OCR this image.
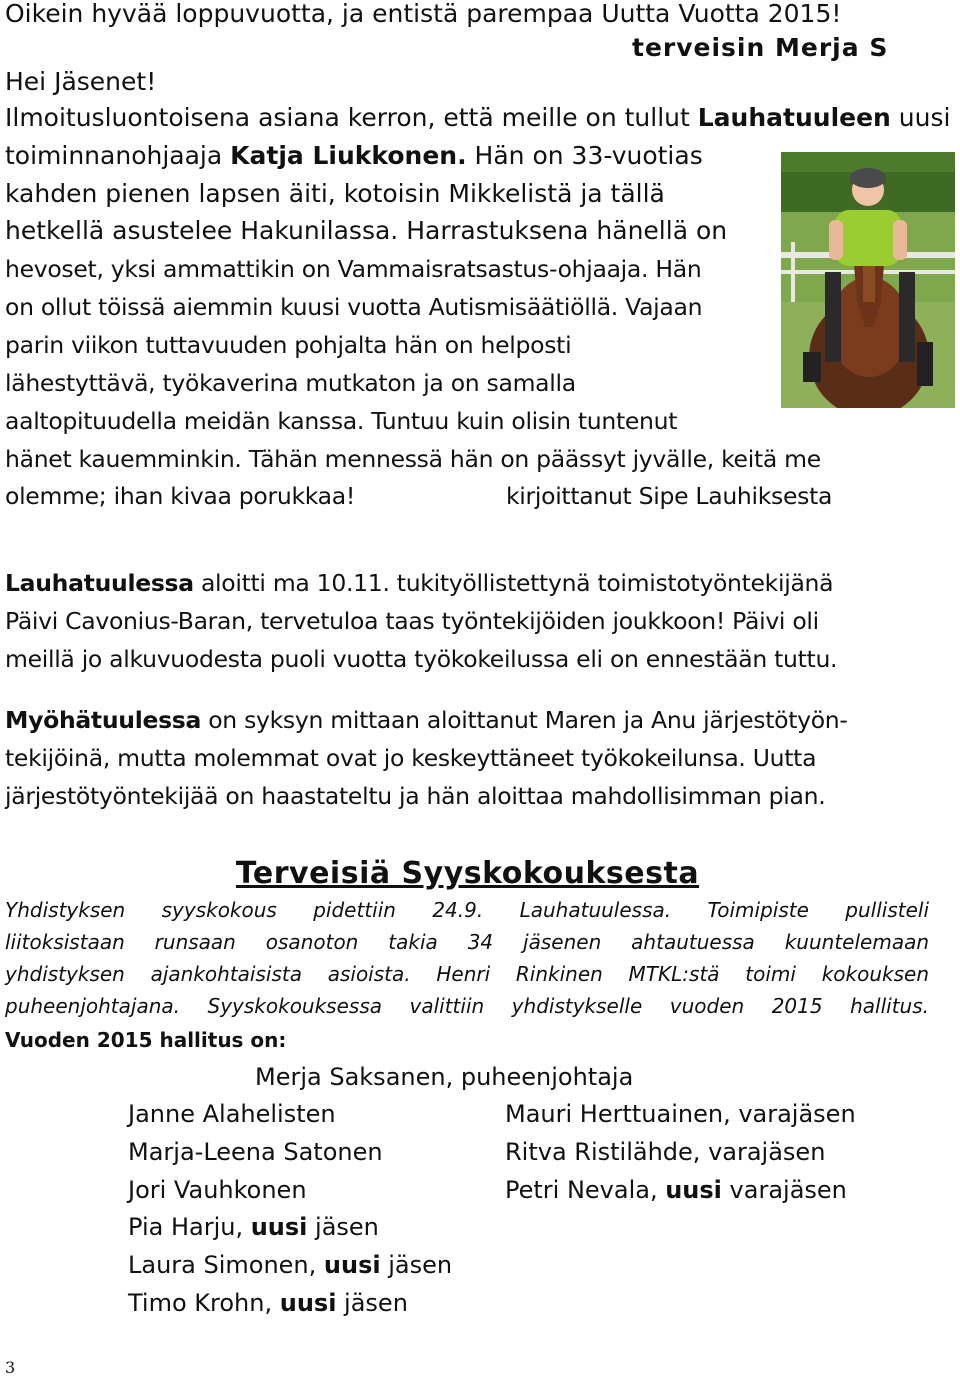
Oikein hyvää loppuvuotta, ja entistä parempaa Uutta Vuotta 2015!
terveisin Merja S
Hei Jäsenet!
Ilmoitusluontoisena asiana kerron, että meille on tullut Lauhatuuleen uusi
toiminnanohjaaja Katja Liukkonen. Hän on 33-vuotias
kahden pienen lapsen äiti, kotoisin Mikkelistä ja tällä
hetkellä asustelee Hakunilassa. Harrastuksena hänellä on
hevoset, yksi ammattikin on Vammaisratsastus-ohjaaja. Hän
on ollut töissä aiemmin kuusi vuotta Autismisäätiöllä. Vajaan
parin viikon tuttavuuden pohjalta hän on helposti
lähestyttävä, työkaverina mutkaton ja on samalla
aaltopituudella meidän kanssa. Tuntuu kuin olisin tuntenut
hänet kauemminkin. Tähän mennessä hän on päässyt jyvälle, keitä me
olemme; ihan kivaa porukkaa!	kirjoittanut Sipe Lauhiksesta
Lauhatuulessa aloitti ma 10.11. tukityöllistettynä toimistotyöntekijänä
Päivi Cavonius-Baran, tervetuloa taas työntekijöiden joukkoon! Päivi oli
meillä jo alkuvuodesta puoli vuotta työkokeilussa eli on ennestään tuttu.
Myöhätuulessa on syksyn mittaan aloittanut Maren ja Anu järjestötyön-
tekijöinä, mutta molemmat ovat jo keskeyttäneet työkokeilunsa. Uutta
järjestötyöntekijää on haastateltu ja hän aloittaa mahdollisimman pian.
Terveisiä Syyskokouksesta
Yhdistyksen syyskokous pidettiin 24.9. Lauhatuulessa. Toimipiste pullisteli
liitoksistaan runsaan osanoton takia 34 jäsenen ahtautuessa kuuntelemaan
yhdistyksen ajankohtaisista asioista. Henri Rinkinen MTKL:stä toimi kokouksen
puheenjohtajana. Syyskokouksessa valittiin yhdistykselle vuoden 2015 hallitus.
Vuoden 2015 hallitus on:
Merja Saksanen, puheenjohtaja
Janne Alahelisten
Marja-Leena Satonen
Jori Vauhkonen
Pia Harju, uusi jäsen
Laura Simonen, uusi jäsen
Timo Krohn, uusi jäsen
Mauri Herttuainen, varajäsen
Ritva Ristilähde, varajäsen
Petri Nevala, uusi varajäsen
3
